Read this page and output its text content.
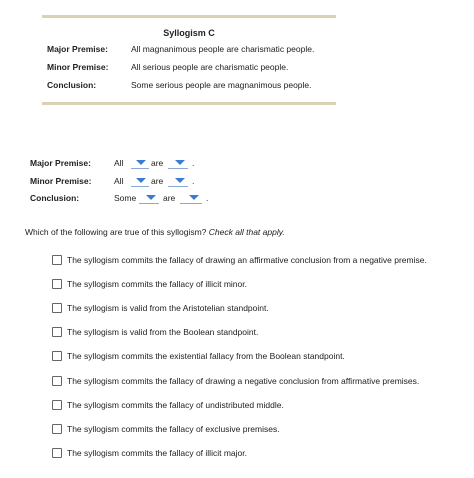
Syllogism C
Major Premise:	All magnanimous people are charismatic people.
Minor Premise:	All serious people are charismatic people.
Conclusion:	Some serious people are magnanimous people.
Major Premise:	All	are	.
Minor Premise:	All	are	.
Conclusion:	Some	are	.
Which of the following are true of this syllogism? Check all that apply.
The syllogism commits the fallacy of drawing an affirmative conclusion from a negative premise.
The syllogism commits the fallacy of illicit minor.
The syllogism is valid from the Aristotelian standpoint.
The syllogism is valid from the Boolean standpoint.
The syllogism commits the existential fallacy from the Boolean standpoint.
The syllogism commits the fallacy of drawing a negative conclusion from affirmative premises.
The syllogism commits the fallacy of undistributed middle.
The syllogism commits the fallacy of exclusive premises.
The syllogism commits the fallacy of illicit major.
